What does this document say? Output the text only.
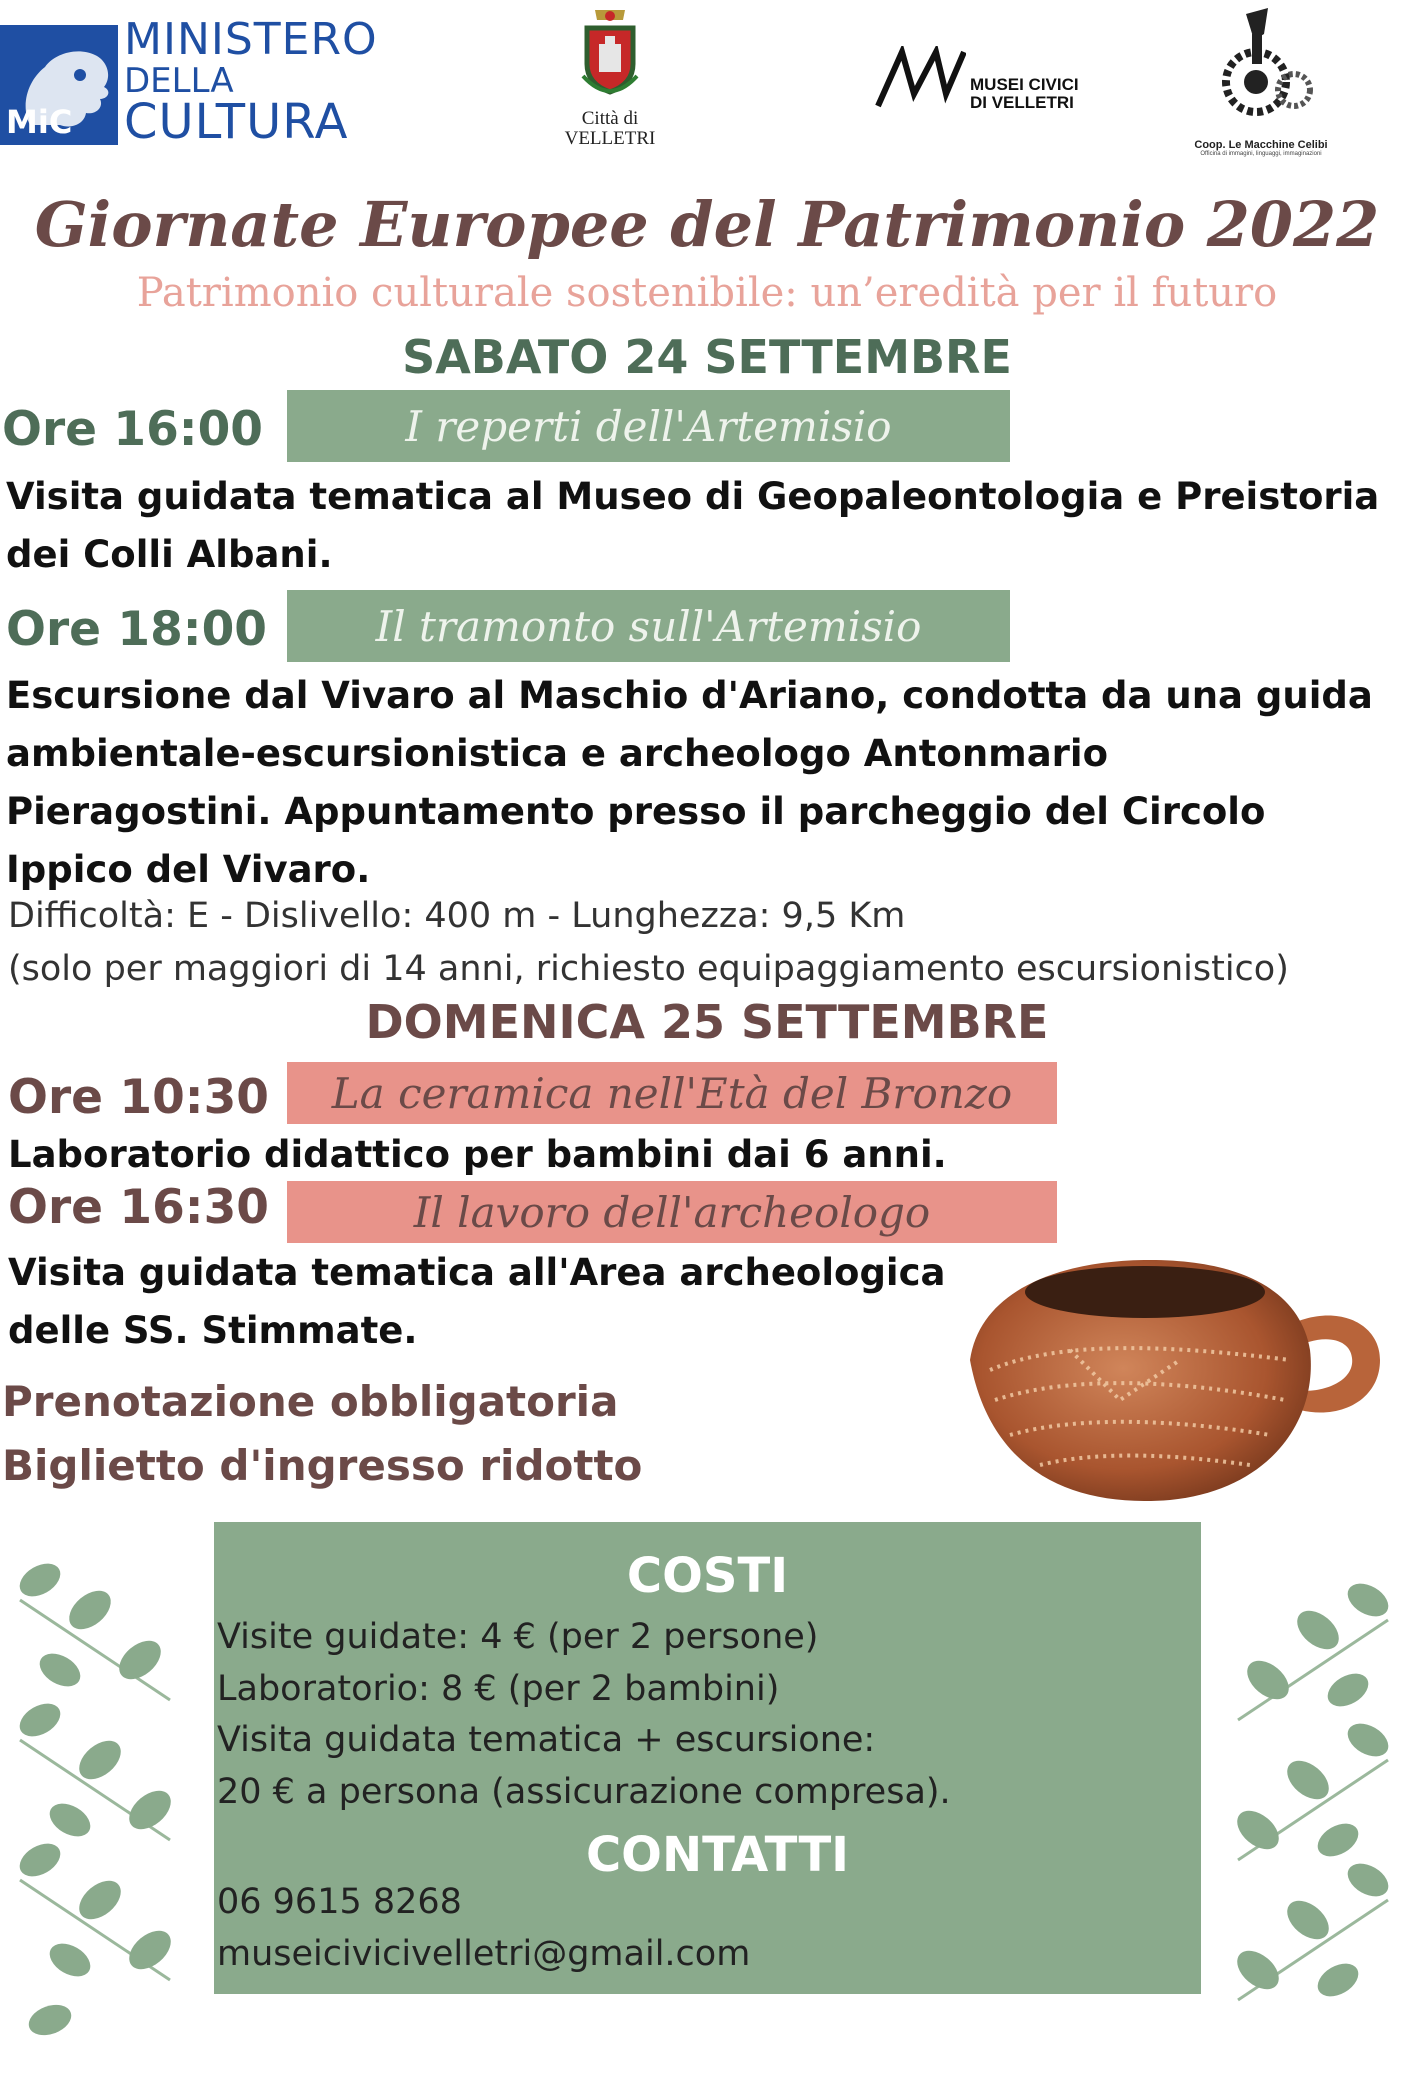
MiC
MINISTERO
DELLA
CULTURA	Città di
VELLETRI
MUSEI CIVICI
DI VELLETRI
Coop. Le Macchine Celibi
Officina di immagini, linguaggi, immaginazioni
Giornate Europee del Patrimonio 2022
Patrimonio culturale sostenibile: un’eredità per il futuro
SABATO 24 SETTEMBRE
Ore 16:00	I reperti dell'Artemisio
Visita guidata tematica al Museo di Geopaleontologia e Preistoria
dei Colli Albani.
Ore 18:00	Il tramonto sull'Artemisio
Escursione dal Vivaro al Maschio d'Ariano, condotta da una guida
ambientale-escursionistica e archeologo Antonmario
Pieragostini. Appuntamento presso il parcheggio del Circolo
Ippico del Vivaro.
Difficoltà: E - Dislivello: 400 m - Lunghezza: 9,5 Km
(solo per maggiori di 14 anni, richiesto equipaggiamento escursionistico)
DOMENICA 25 SETTEMBRE
Ore 10:30	La ceramica nell'Età del Bronzo
Laboratorio didattico per bambini dai 6 anni.
Ore 16:30	Il lavoro dell'archeologo
Visita guidata tematica all'Area archeologica
delle SS. Stimmate.
Prenotazione obbligatoria
Biglietto d'ingresso ridotto
COSTI
Visite guidate: 4 € (per 2 persone)
Laboratorio: 8 € (per 2 bambini)
Visita guidata tematica + escursione:
20 € a persona (assicurazione compresa).
CONTATTI
06 9615 8268
museicivicivelletri@gmail.com
